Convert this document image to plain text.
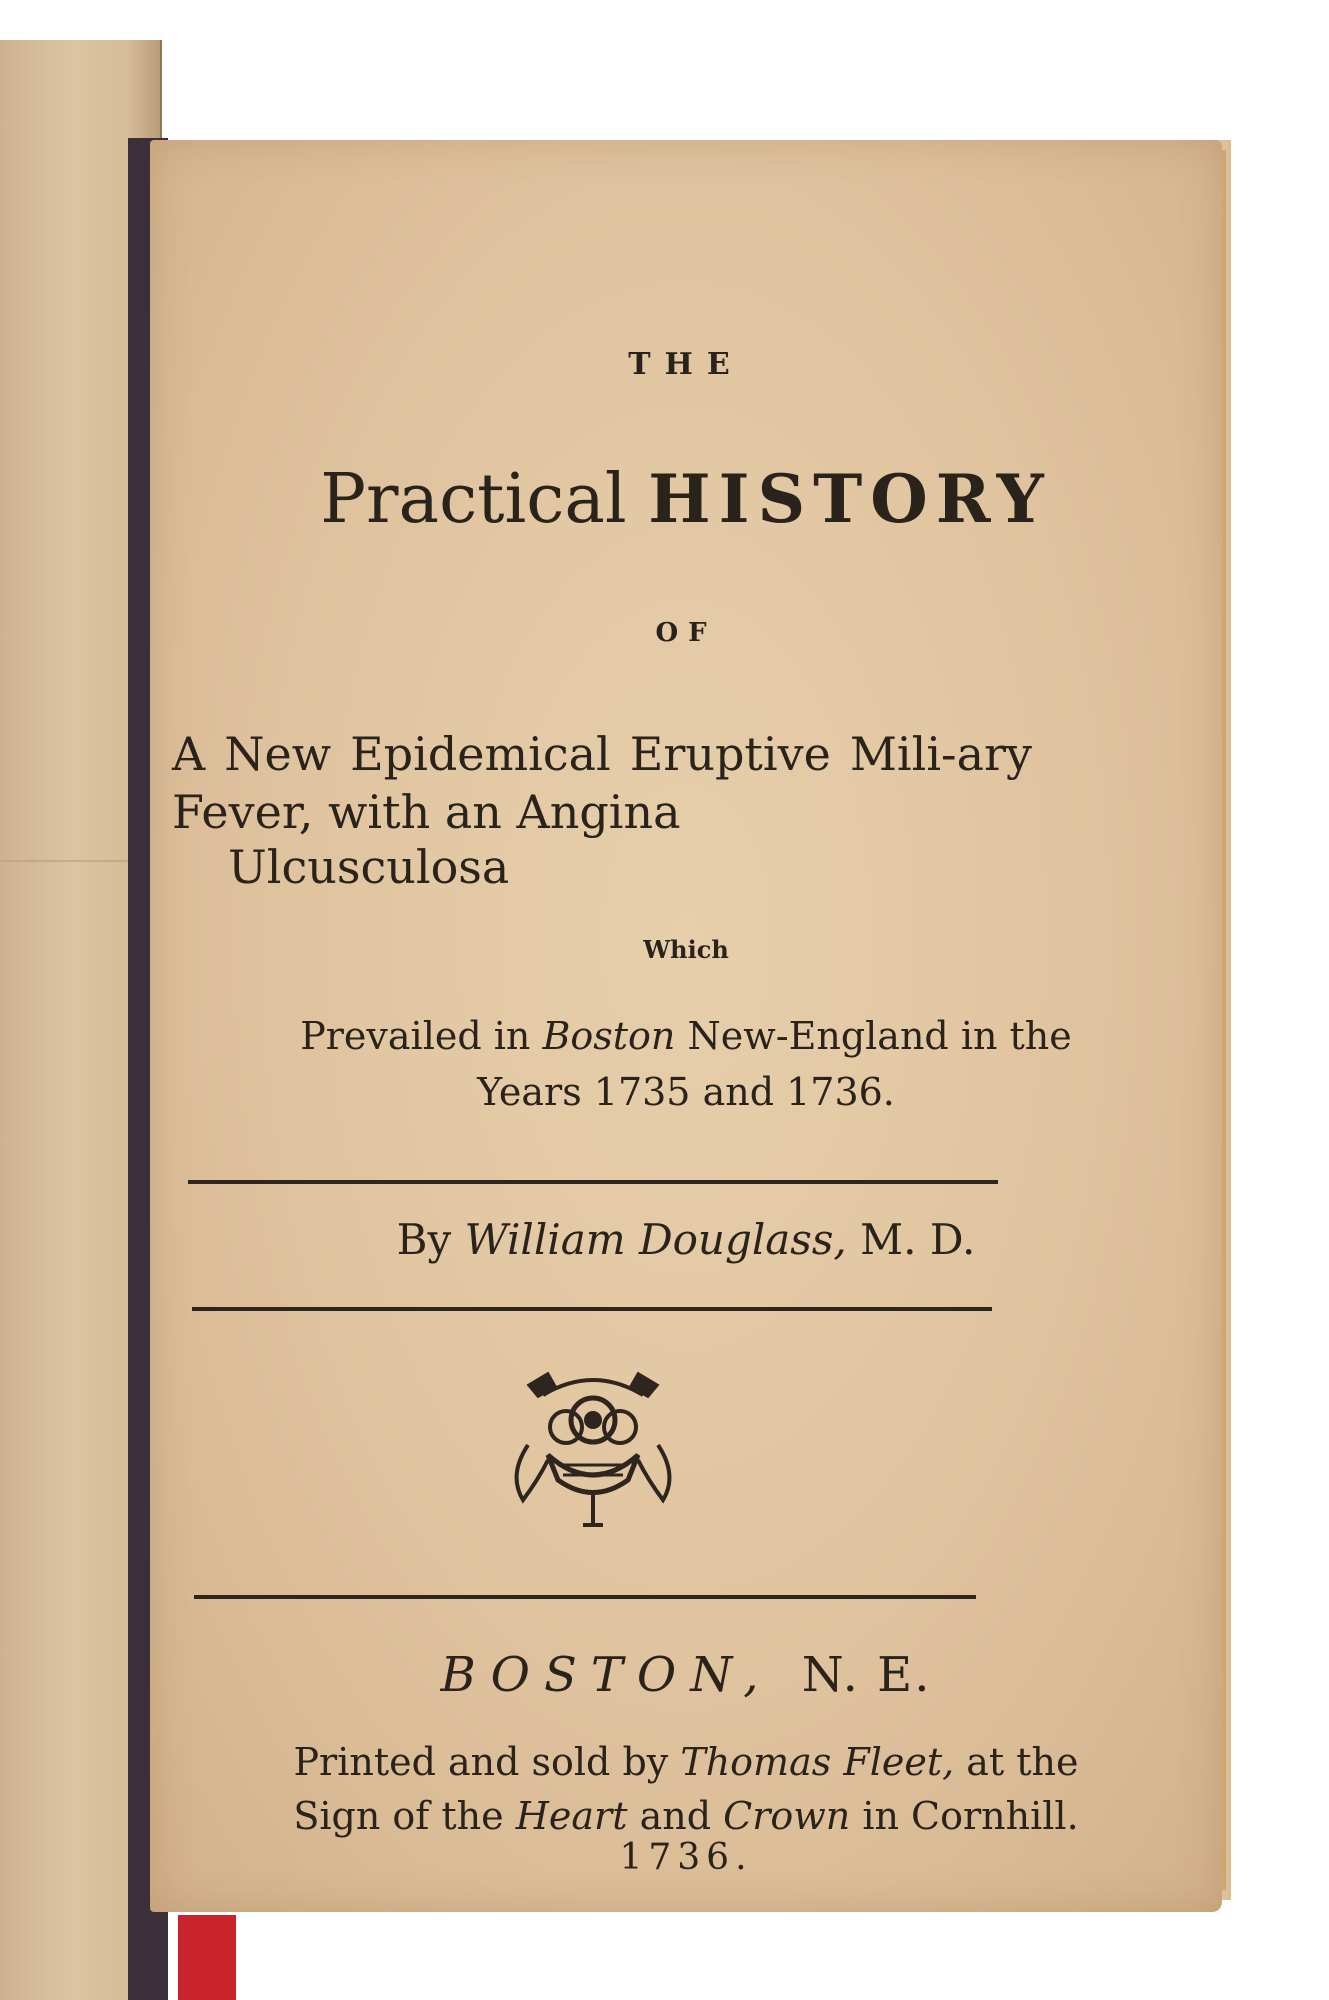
THE
Practical HISTORY
OF
A New Epidemical Eruptive Mili-ary Fever, with an Angina
Ulcusculosa
Which
Prevailed in Boston New-England in the
Years 1735 and 1736.
By William Douglass, M. D.
BOSTON, N. E.
Printed and sold by Thomas Fleet, at the
Sign of the Heart and Crown in Cornhill.
1736.
